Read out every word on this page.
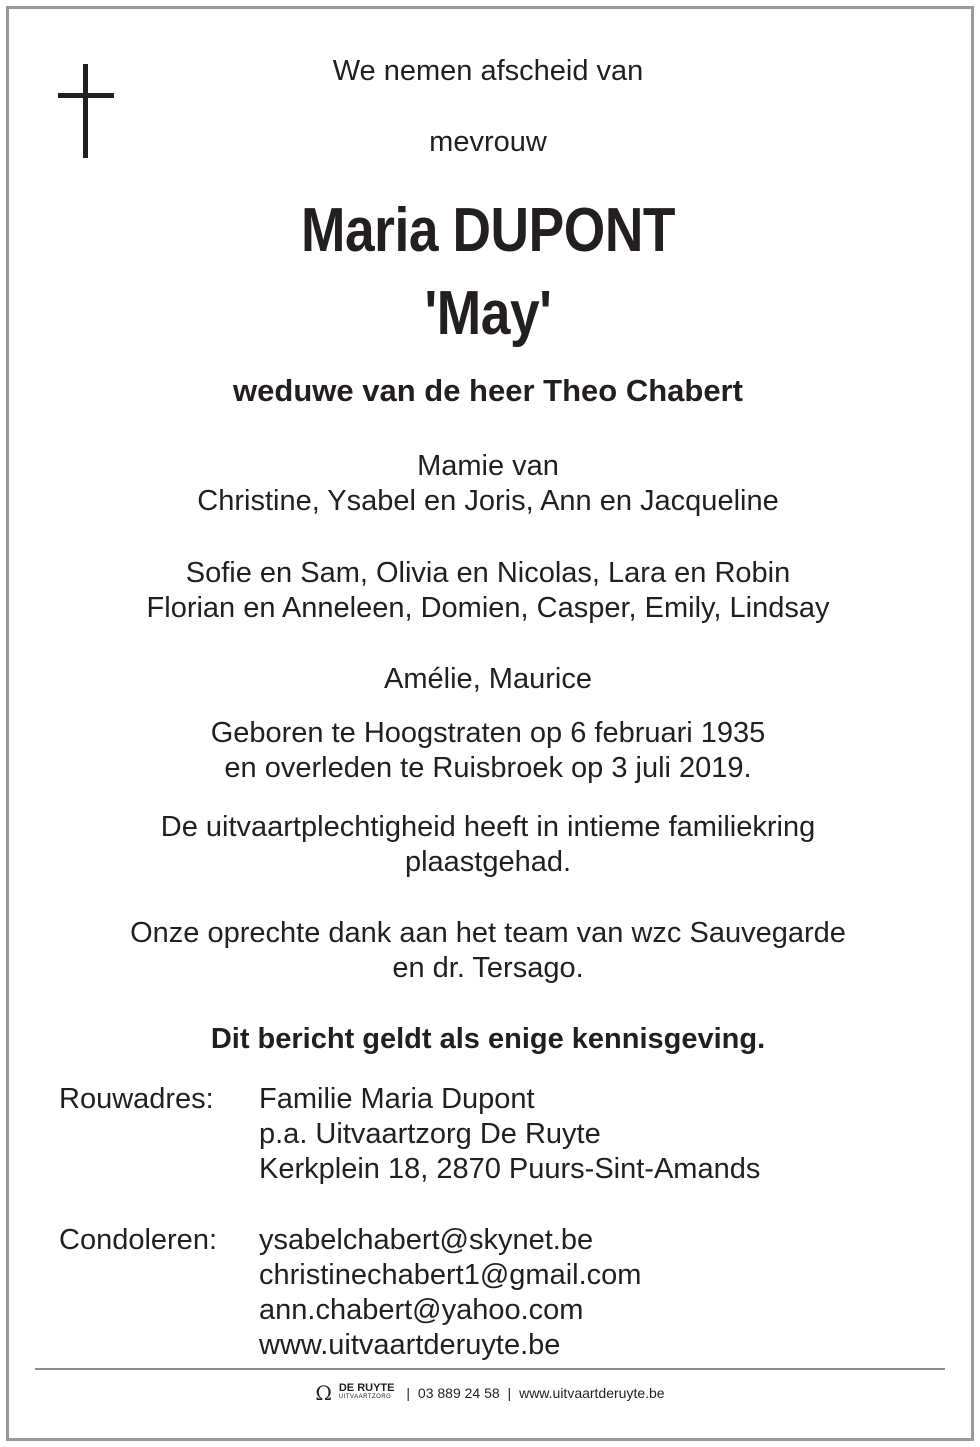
We nemen afscheid van
mevrouw
Maria DUPONT
'May'
weduwe van de heer Theo Chabert
Mamie van
Christine, Ysabel en Joris, Ann en Jacqueline
Sofie en Sam, Olivia en Nicolas, Lara en Robin
Florian en Anneleen, Domien, Casper, Emily, Lindsay
Amélie, Maurice
Geboren te Hoogstraten op 6 februari 1935
en overleden te Ruisbroek op 3 juli 2019.
De uitvaartplechtigheid heeft in intieme familiekring
plaastgehad.
Onze oprechte dank aan het team van wzc Sauvegarde
en dr. Tersago.
Dit bericht geldt als enige kennisgeving.
Rouwadres:	Familie Maria Dupont
p.a. Uitvaartzorg De Ruyte
Kerkplein 18, 2870 Puurs-Sint-Amands
Condoleren:	ysabelchabert@skynet.be
christinechabert1@gmail.com
ann.chabert@yahoo.com
www.uitvaartderuyte.be
Ω DE RUYTE
UITVAARTZORG | 03 889 24 58 | www.uitvaartderuyte.be
